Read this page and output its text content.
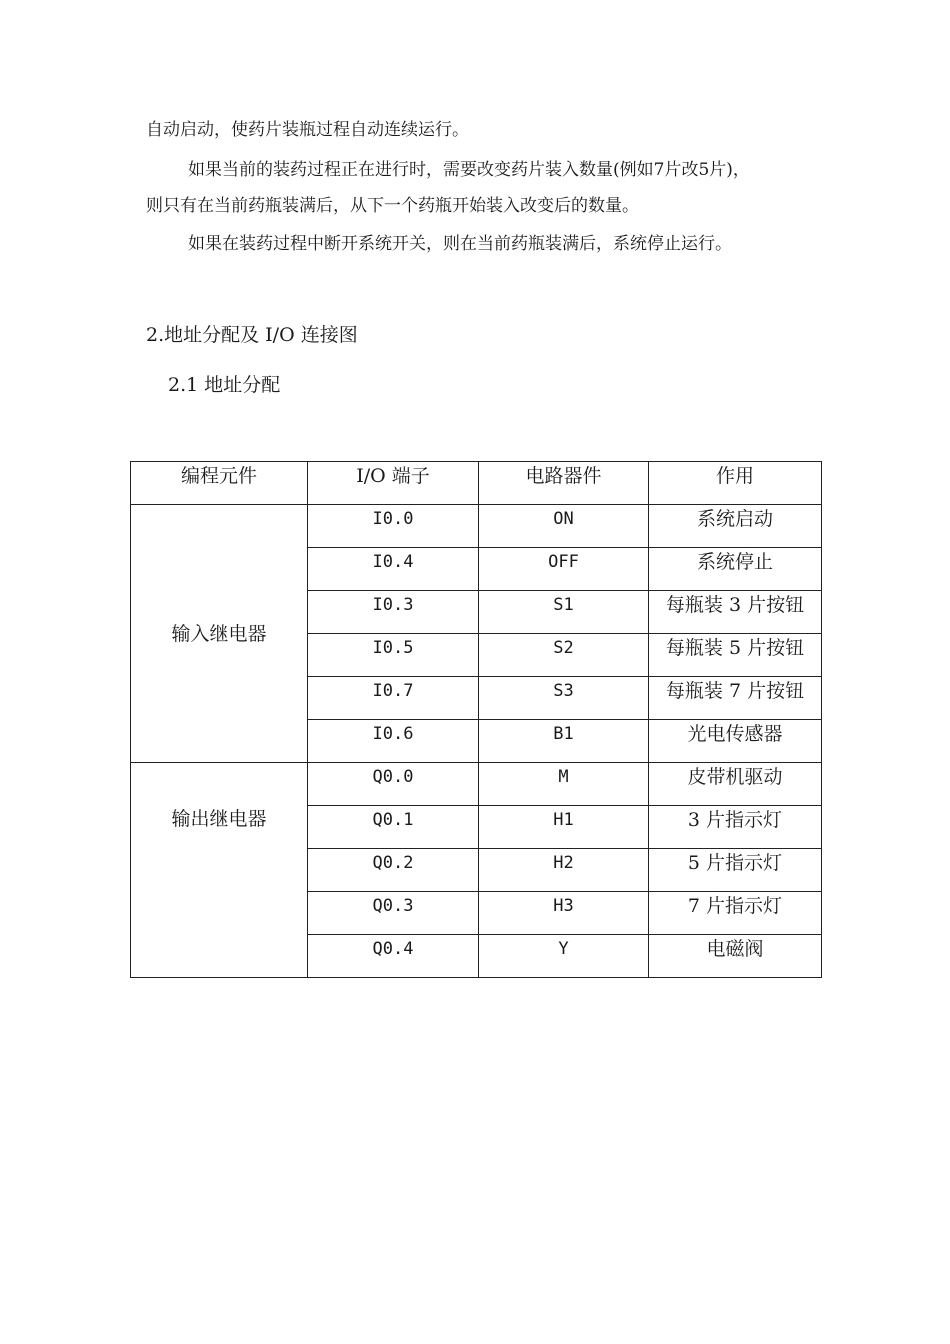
自动启动，使药片装瓶过程自动连续运行。
如果当前的装药过程正在进行时，需要改变药片装入数量(例如7片改5片)，
则只有在当前药瓶装满后，从下一个药瓶开始装入改变后的数量。
如果在装药过程中断开系统开关，则在当前药瓶装满后，系统停止运行。
2.地址分配及 I/O 连接图
2.1 地址分配
编程元件	I/O 端子	电路器件	作用
输入继电器	I0.0	ON	系统启动
	I0.4	OFF	系统停止
	I0.3	S1	每瓶装 3 片按钮
	I0.5	S2	每瓶装 5 片按钮
	I0.7	S3	每瓶装 7 片按钮
	I0.6	B1	光电传感器
输出继电器	Q0.0	M	皮带机驱动
	Q0.1	H1	3 片指示灯
	Q0.2	H2	5 片指示灯
	Q0.3	H3	7 片指示灯
	Q0.4	Y	电磁阀
